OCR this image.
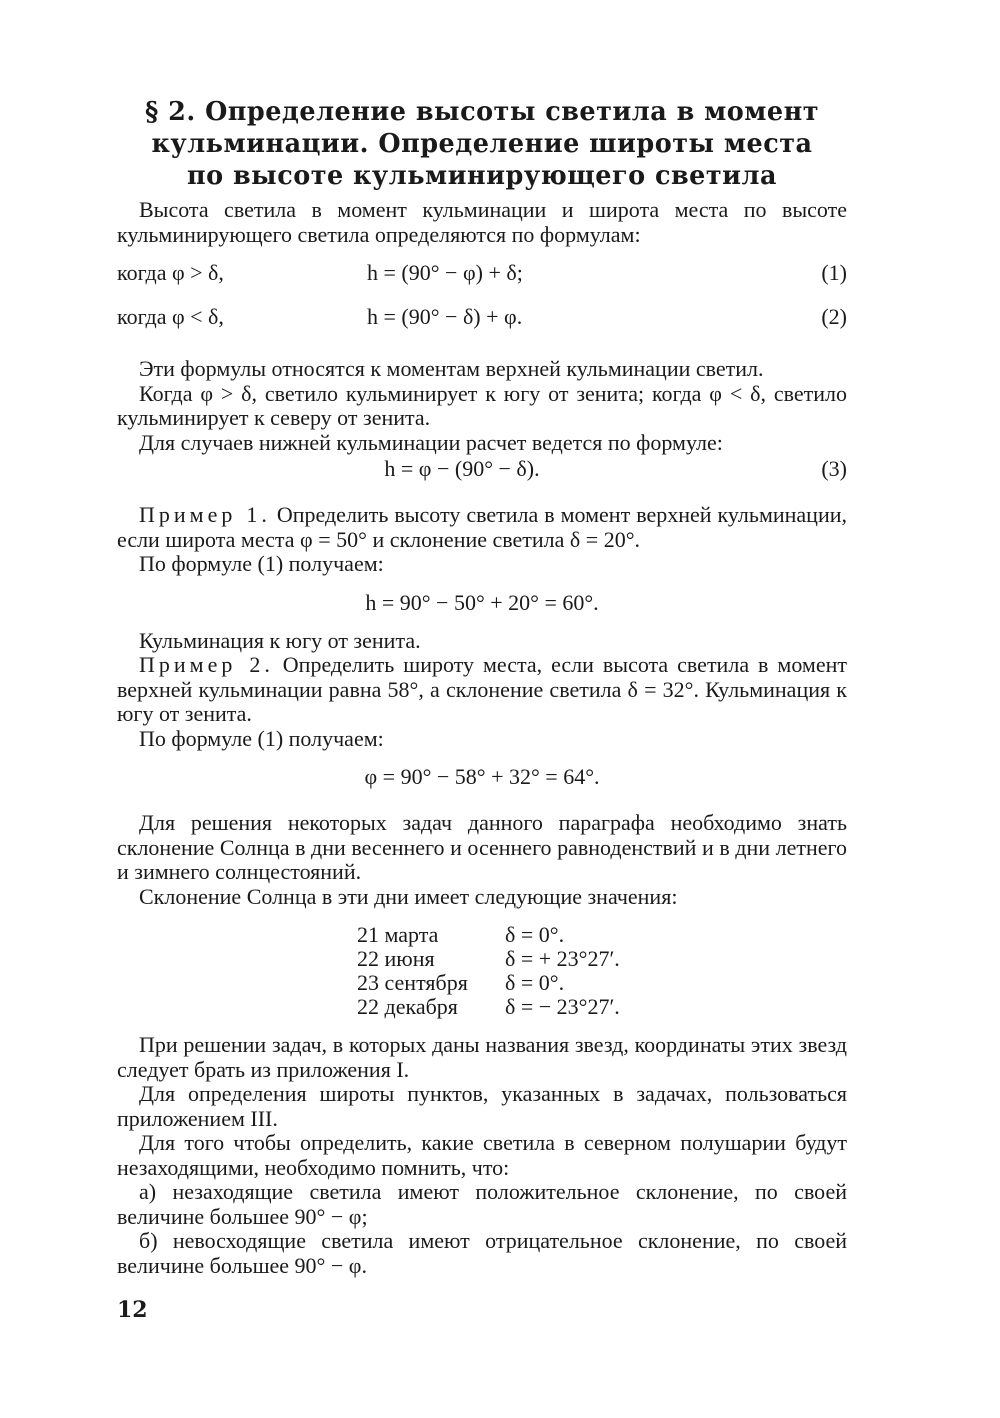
§ 2. Определение высоты светила в момент
кульминации. Определение широты места
по высоте кульминирующего светила

Высота светила в момент кульминации и широта места по высоте кульминирующего светила определяются по формулам:

когда φ > δ,	h = (90° − φ) + δ;	(1)
когда φ < δ,	h = (90° − δ) + φ.	(2)

Эти формулы относятся к моментам верхней кульминации светил.

Когда φ > δ, светило кульминирует к югу от зенита; когда φ < δ, светило кульминирует к северу от зенита.

Для случаев нижней кульминации расчет ведется по формуле:

h = φ − (90° − δ).	(3)

Пример 1. Определить высоту светила в момент верхней кульминации, если широта места φ = 50° и склонение светила δ = 20°.

По формуле (1) получаем:

h = 90° − 50° + 20° = 60°.

Кульминация к югу от зенита.

Пример 2. Определить широту места, если высота светила в момент верхней кульминации равна 58°, а склонение светила δ = 32°. Кульминация к югу от зенита.

По формуле (1) получаем:

φ = 90° − 58° + 32° = 64°.

Для решения некоторых задач данного параграфа необходимо знать склонение Солнца в дни весеннего и осеннего равноденствий и в дни летнего и зимнего солнцестояний.

Склонение Солнца в эти дни имеет следующие значения:

21 марта	δ = 0°.
22 июня	δ = + 23°27′.
23 сентября	δ = 0°.
22 декабря	δ = − 23°27′.

При решении задач, в которых даны названия звезд, координаты этих звезд следует брать из приложения I.

Для определения широты пунктов, указанных в задачах, пользоваться приложением III.

Для того чтобы определить, какие светила в северном полушарии будут незаходящими, необходимо помнить, что:

а) незаходящие светила имеют положительное склонение, по своей величине большее 90° − φ;

б) невосходящие светила имеют отрицательное склонение, по своей величине большее 90° − φ.

12
